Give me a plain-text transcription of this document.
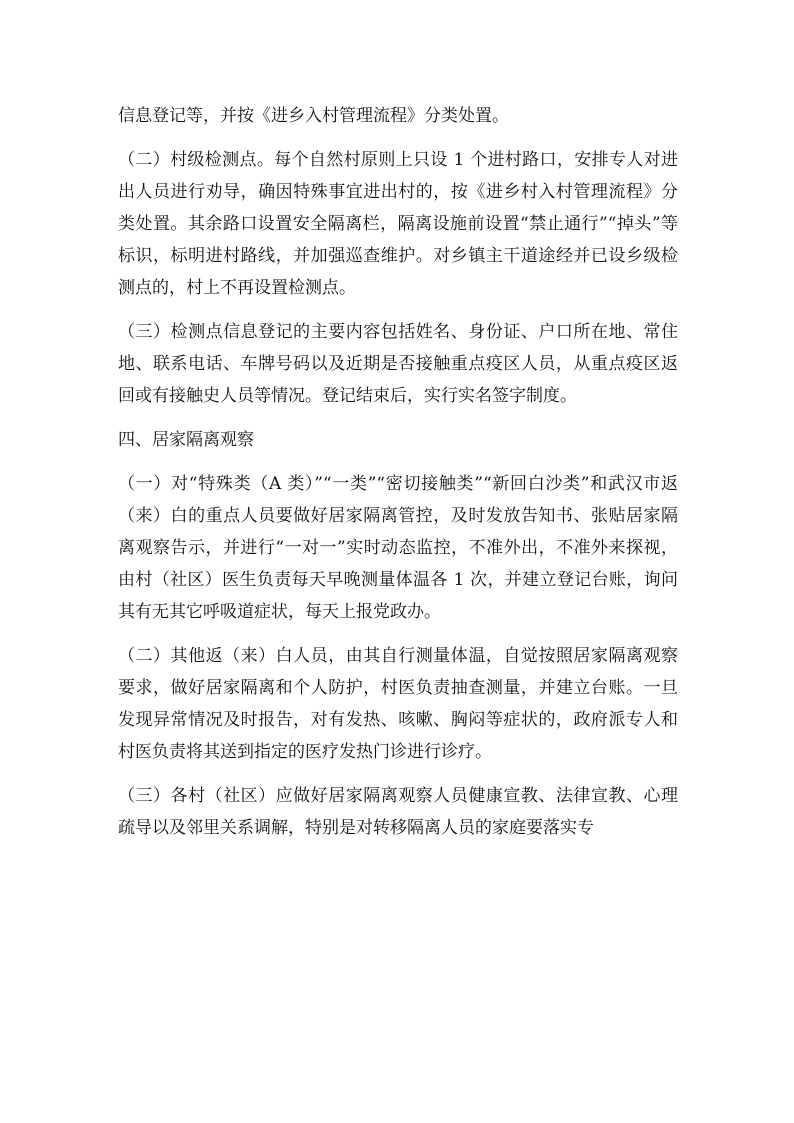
信息登记等，并按《进乡入村管理流程》分类处置。

（二）村级检测点。每个自然村原则上只设 1 个进村路口，安排专人对进出人员进行劝导，确因特殊事宜进出村的，按《进乡村入村管理流程》分类处置。其余路口设置安全隔离栏，隔离设施前设置“禁止通行”“掉头”等标识，标明进村路线，并加强巡查维护。对乡镇主干道途经并已设乡级检测点的，村上不再设置检测点。

（三）检测点信息登记的主要内容包括姓名、身份证、户口所在地、常住地、联系电话、车牌号码以及近期是否接触重点疫区人员，从重点疫区返回或有接触史人员等情况。登记结束后，实行实名签字制度。

四、居家隔离观察

（一）对“特殊类（A 类）”“一类”“密切接触类”“新回白沙类”和武汉市返（来）白的重点人员要做好居家隔离管控，及时发放告知书、张贴居家隔离观察告示，并进行“一对一”实时动态监控，不准外出，不准外来探视，由村（社区）医生负责每天早晚测量体温各 1 次，并建立登记台账，询问其有无其它呼吸道症状，每天上报党政办。

（二）其他返（来）白人员，由其自行测量体温，自觉按照居家隔离观察要求，做好居家隔离和个人防护，村医负责抽查测量，并建立台账。一旦发现异常情况及时报告，对有发热、咳嗽、胸闷等症状的，政府派专人和村医负责将其送到指定的医疗发热门诊进行诊疗。

（三）各村（社区）应做好居家隔离观察人员健康宣教、法律宣教、心理疏导以及邻里关系调解，特别是对转移隔离人员的家庭要落实专
